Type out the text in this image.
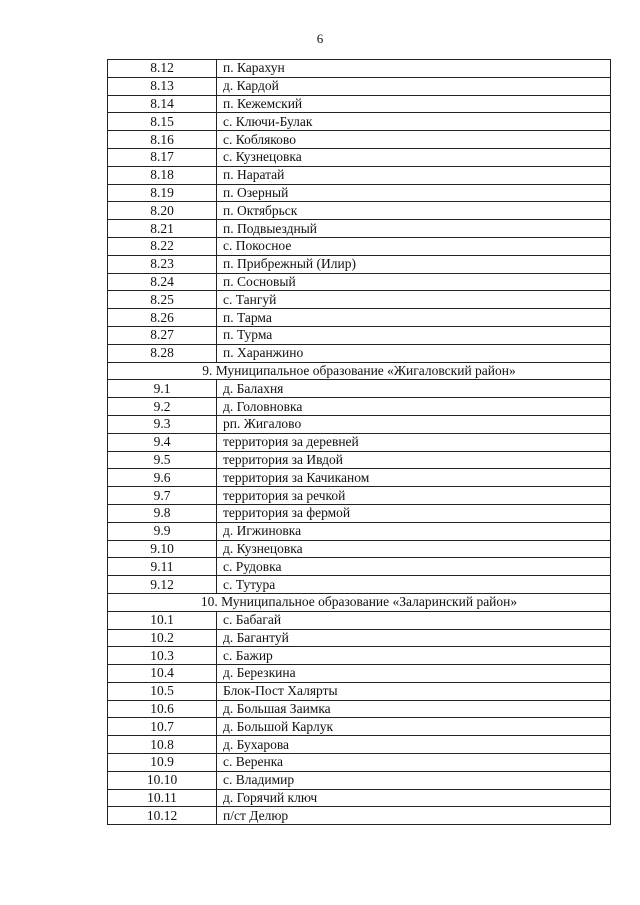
6
8.12	п. Карахун
8.13	д. Кардой
8.14	п. Кежемский
8.15	с. Ключи-Булак
8.16	с. Кобляково
8.17	с. Кузнецовка
8.18	п. Наратай
8.19	п. Озерный
8.20	п. Октябрьск
8.21	п. Подвыездный
8.22	с. Покосное
8.23	п. Прибрежный (Илир)
8.24	п. Сосновый
8.25	с. Тангуй
8.26	п. Тарма
8.27	п. Турма
8.28	п. Харанжино
9. Муниципальное образование «Жигаловский район»	
9.1	д. Балахня
9.2	д. Головновка
9.3	рп. Жигалово
9.4	территория за деревней
9.5	территория за Ивдой
9.6	территория за Качиканом
9.7	территория за речкой
9.8	территория за фермой
9.9	д. Игжиновка
9.10	д. Кузнецовка
9.11	с. Рудовка
9.12	с. Тутура
10. Муниципальное образование «Заларинский район»	
10.1	с. Бабагай
10.2	д. Багантуй
10.3	с. Бажир
10.4	д. Березкина
10.5	Блок-Пост Халярты
10.6	д. Большая Заимка
10.7	д. Большой Карлук
10.8	д. Бухарова
10.9	с. Веренка
10.10	с. Владимир
10.11	д. Горячий ключ
10.12	п/ст Делюр
